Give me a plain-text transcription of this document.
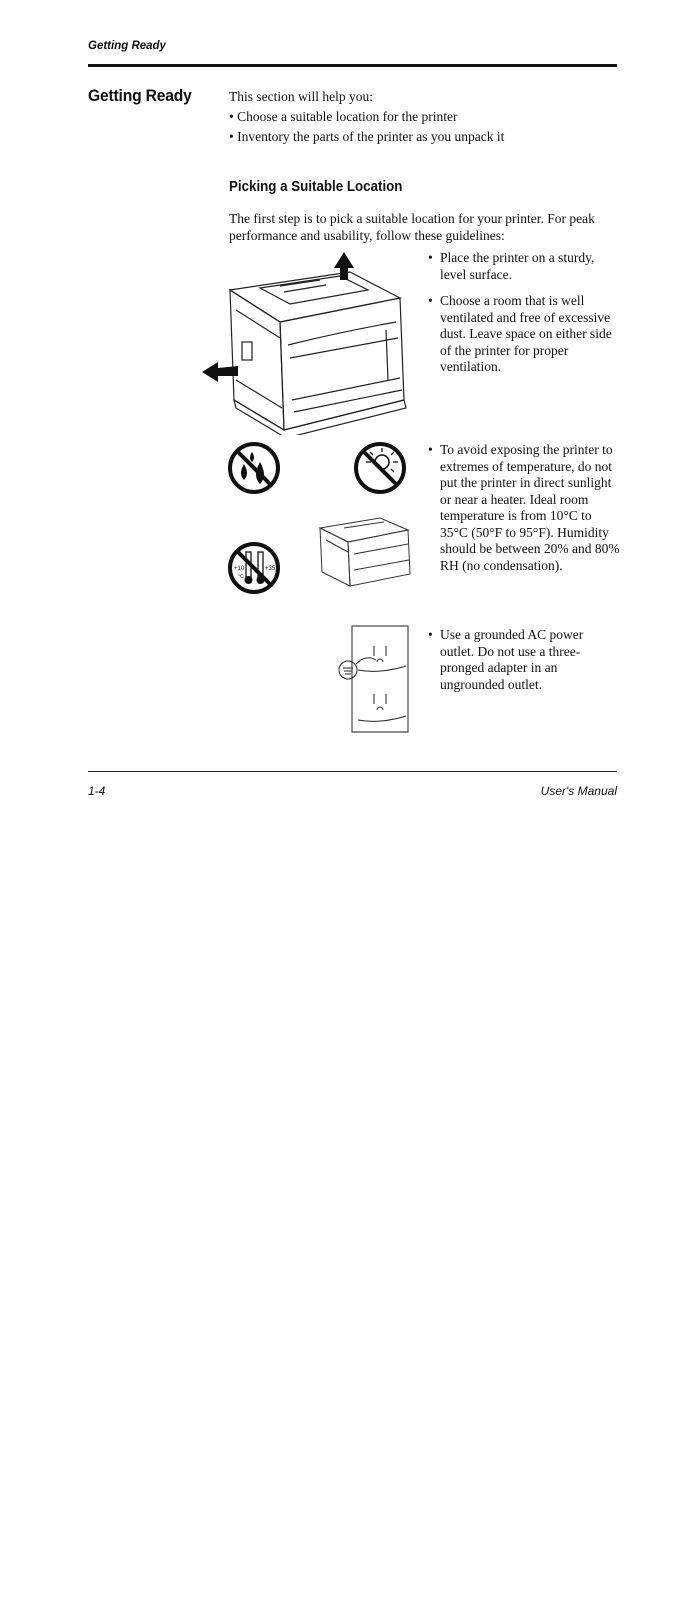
Getting Ready
Getting Ready	This section will help you:

• Choose a suitable location for the printer

• Inventory the parts of the printer as you unpack it

Picking a Suitable Location
The first step is to pick a suitable location for your printer. For peak performance and usability, follow these guidelines:
+10	+35
°C
• Place the printer on a sturdy, level surface.
• Choose a room that is well ventilated and free of excessive dust. Leave space on either side of the printer for proper ventilation.
• To avoid exposing the printer to extremes of temperature, do not put the printer in direct sunlight or near a heater. Ideal room temperature is from 10°C to 35°C (50°F to 95°F). Humidity should be between 20% and 80% RH (no condensation).
• Use a grounded AC power outlet. Do not use a three-pronged adapter in an ungrounded outlet.
1-4	User's Manual
